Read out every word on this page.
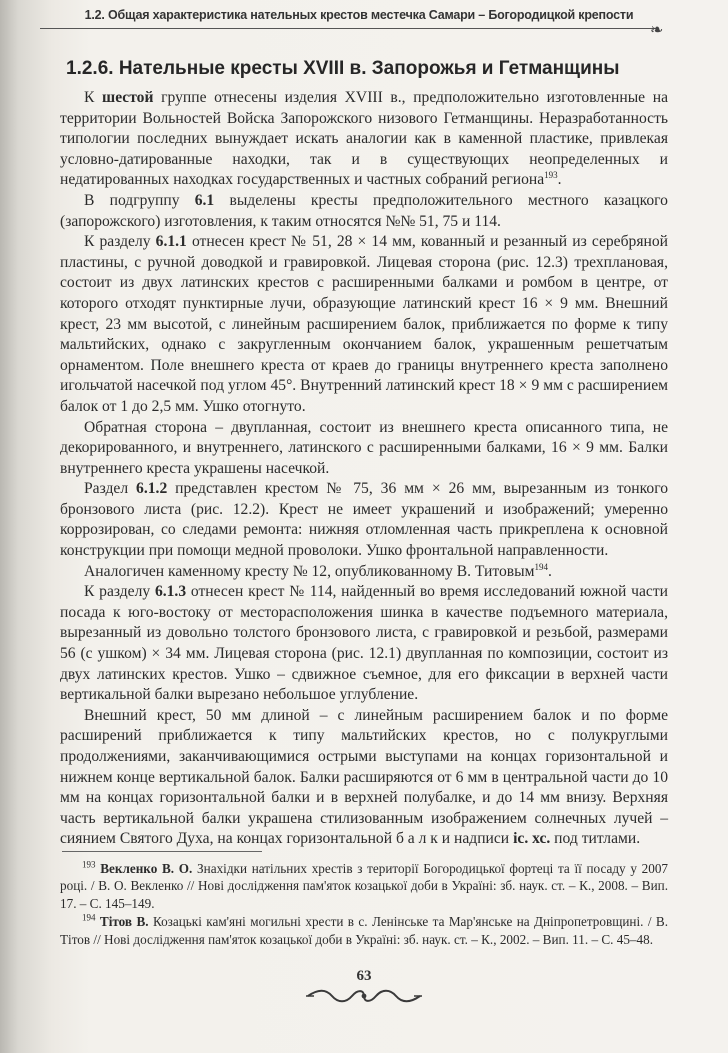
1.2. Общая характеристика нательных крестов местечка Самари – Богородицкой крепости
❧
1.2.6. Нательные кресты XVIII в. Запорожья и Гетманщины

К шестой группе отнесены изделия XVIII в., предположительно изготовленные на территории Вольностей Войска Запорожского низового Гетманщины. Неразработанность типологии последних вынуждает искать аналогии как в каменной пластике, привлекая условно-датированные находки, так и в существующих неопределенных и недатированных находках государственных и частных собраний региона$^{193}$.

В подгруппу 6.1 выделены кресты предположительного местного казацкого (запорожского) изготовления, к таким относятся №№ 51, 75 и 114.

К разделу 6.1.1 отнесен крест № 51, 28 × 14 мм, кованный и резанный из серебряной пластины, с ручной доводкой и гравировкой. Лицевая сторона (рис. 12.3) трехплановая, состоит из двух латинских крестов с расширенными балками и ромбом в центре, от которого отходят пунктирные лучи, образующие латинский крест 16 × 9 мм. Внешний крест, 23 мм высотой, с линейным расширением балок, приближается по форме к типу мальтийских, однако с закругленным окончанием балок, украшенным решетчатым орнаментом. Поле внешнего креста от краев до границы внутреннего креста заполнено игольчатой насечкой под углом 45°. Внутренний латинский крест 18 × 9 мм с расширением балок от 1 до 2,5 мм. Ушко отогнуто.

Обратная сторона – двупланная, состоит из внешнего креста описанного типа, не декорированного, и внутреннего, латинского с расширенными балками, 16 × 9 мм. Балки внутреннего креста украшены насечкой.

Раздел 6.1.2 представлен крестом № 75, 36 мм × 26 мм, вырезанным из тонкого бронзового листа (рис. 12.2). Крест не имеет украшений и изображений; умеренно коррозирован, со следами ремонта: нижняя отломленная часть прикреплена к основной конструкции при помощи медной проволоки. Ушко фронтальной направленности.

Аналогичен каменному кресту № 12, опубликованному В. Титовым$^{194}$.

К разделу 6.1.3 отнесен крест № 114, найденный во время исследований южной части посада к юго-востоку от месторасположения шинка в качестве подъемного материала, вырезанный из довольно толстого бронзового листа, с гравировкой и резьбой, размерами 56 (с ушком) × 34 мм. Лицевая сторона (рис. 12.1) двупланная по композиции, состоит из двух латинских крестов. Ушко – сдвижное съемное, для его фиксации в верхней части вертикальной балки вырезано небольшое углубление.

Внешний крест, 50 мм длиной – с линейным расширением балок и по форме расширений приближается к типу мальтийских крестов, но с полукруглыми продолжениями, заканчивающимися острыми выступами на концах горизонтальной и нижнем конце вертикальной балок. Балки расширяются от 6 мм в центральной части до 10 мм на концах горизонтальной балки и в верхней полубалке, и до 14 мм внизу. Верхняя часть вертикальной балки украшена стилизованным изображением солнечных лучей – сиянием Святого Духа, на концах горизонтальной б а л к и надписи іс. хс. под титлами.

$^{193}$ Векленко В. О. Знахідки натільних хрестів з території Богородицької фортеці та її посаду у 2007 році. / В. О. Векленко // Нові дослідження пам'яток козацької доби в Україні: зб. наук. ст. – К., 2008. – Вип. 17. – С. 145–149.

$^{194}$ Тітов В. Козацькі кам'яні могильні хрести в с. Ленінське та Мар'янське на Дніпропетровщині. / В. Тітов // Нові дослідження пам'яток козацької доби в Україні: зб. наук. ст. – К., 2002. – Вип. 11. – С. 45–48.

63
